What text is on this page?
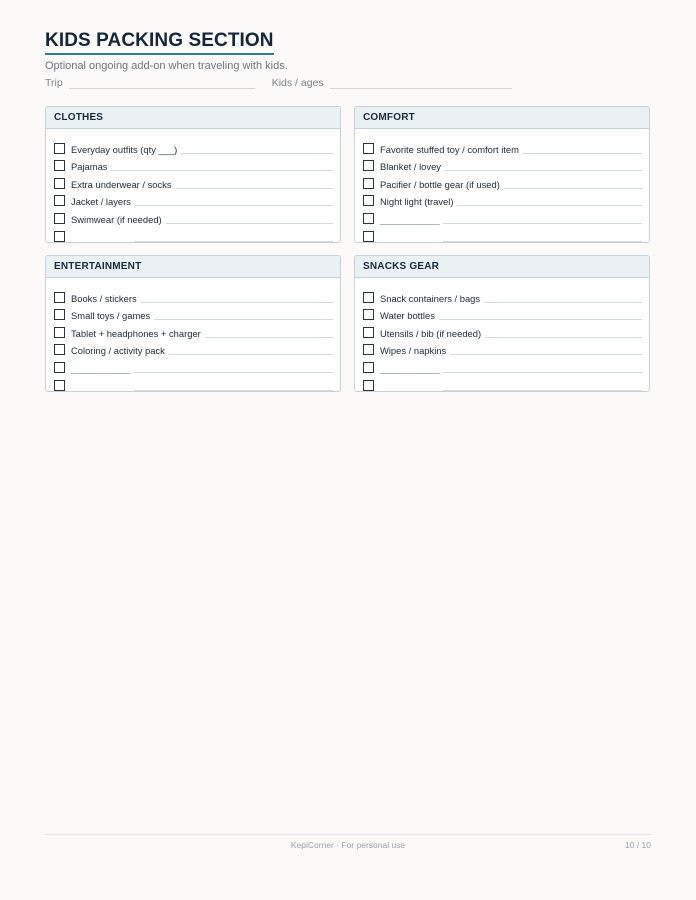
KIDS PACKING SECTION
Optional ongoing add-on when traveling with kids.
Trip	Kids / ages
CLOTHES
Everyday outfits (qty ___)
Pajamas
Extra underwear / socks
Jacket / layers
Swimwear (if needed)
________________
COMFORT
Favorite stuffed toy / comfort item
Blanket / lovey
Pacifier / bottle gear (if used)
Night light (travel)
________________
________________
ENTERTAINMENT
Books / stickers
Small toys / games
Tablet + headphones + charger
Coloring / activity pack
________________
________________
SNACKS GEAR
Snack containers / bags
Water bottles
Utensils / bib (if needed)
Wipes / napkins
________________
________________
KepiCorner · For personal use	10 / 10
